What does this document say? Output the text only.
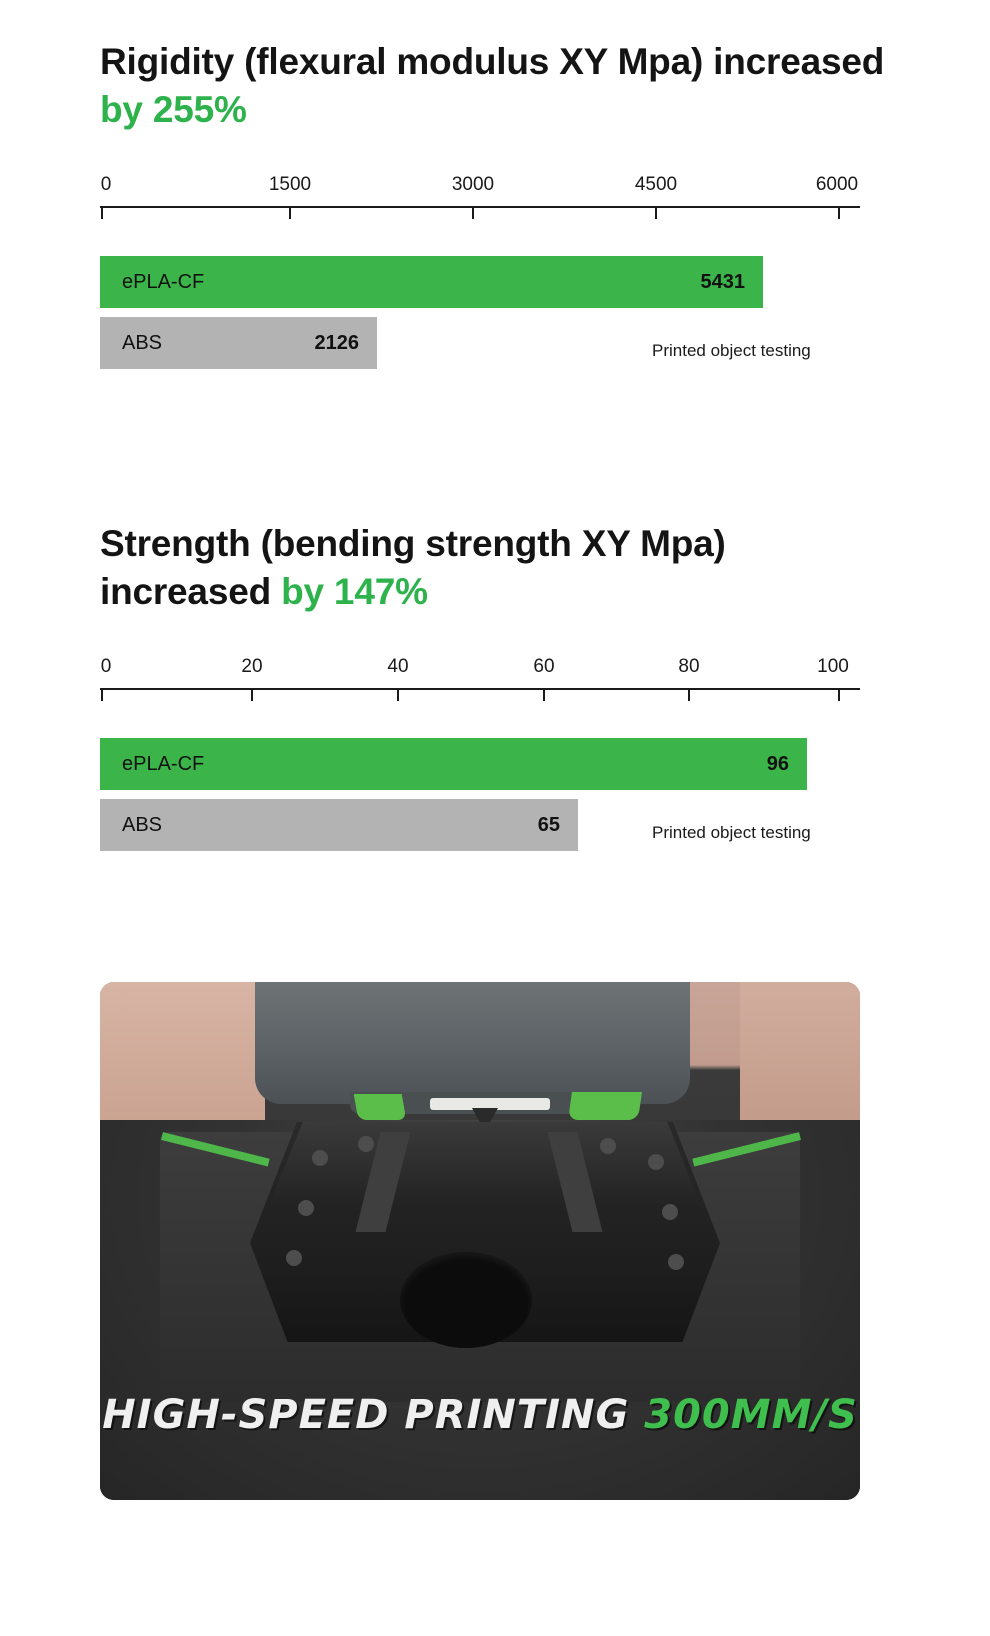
Rigidity (flexural modulus XY Mpa) increased by 255%
0	1500	3000	4500	6000
ePLA-CF	5431
ABS	2126	Printed object testing
Strength (bending strength XY Mpa) increased by 147%
0	20	40	60	80	100
ePLA-CF	96
ABS	65	Printed object testing
HIGH-SPEED PRINTING 300MM/S
